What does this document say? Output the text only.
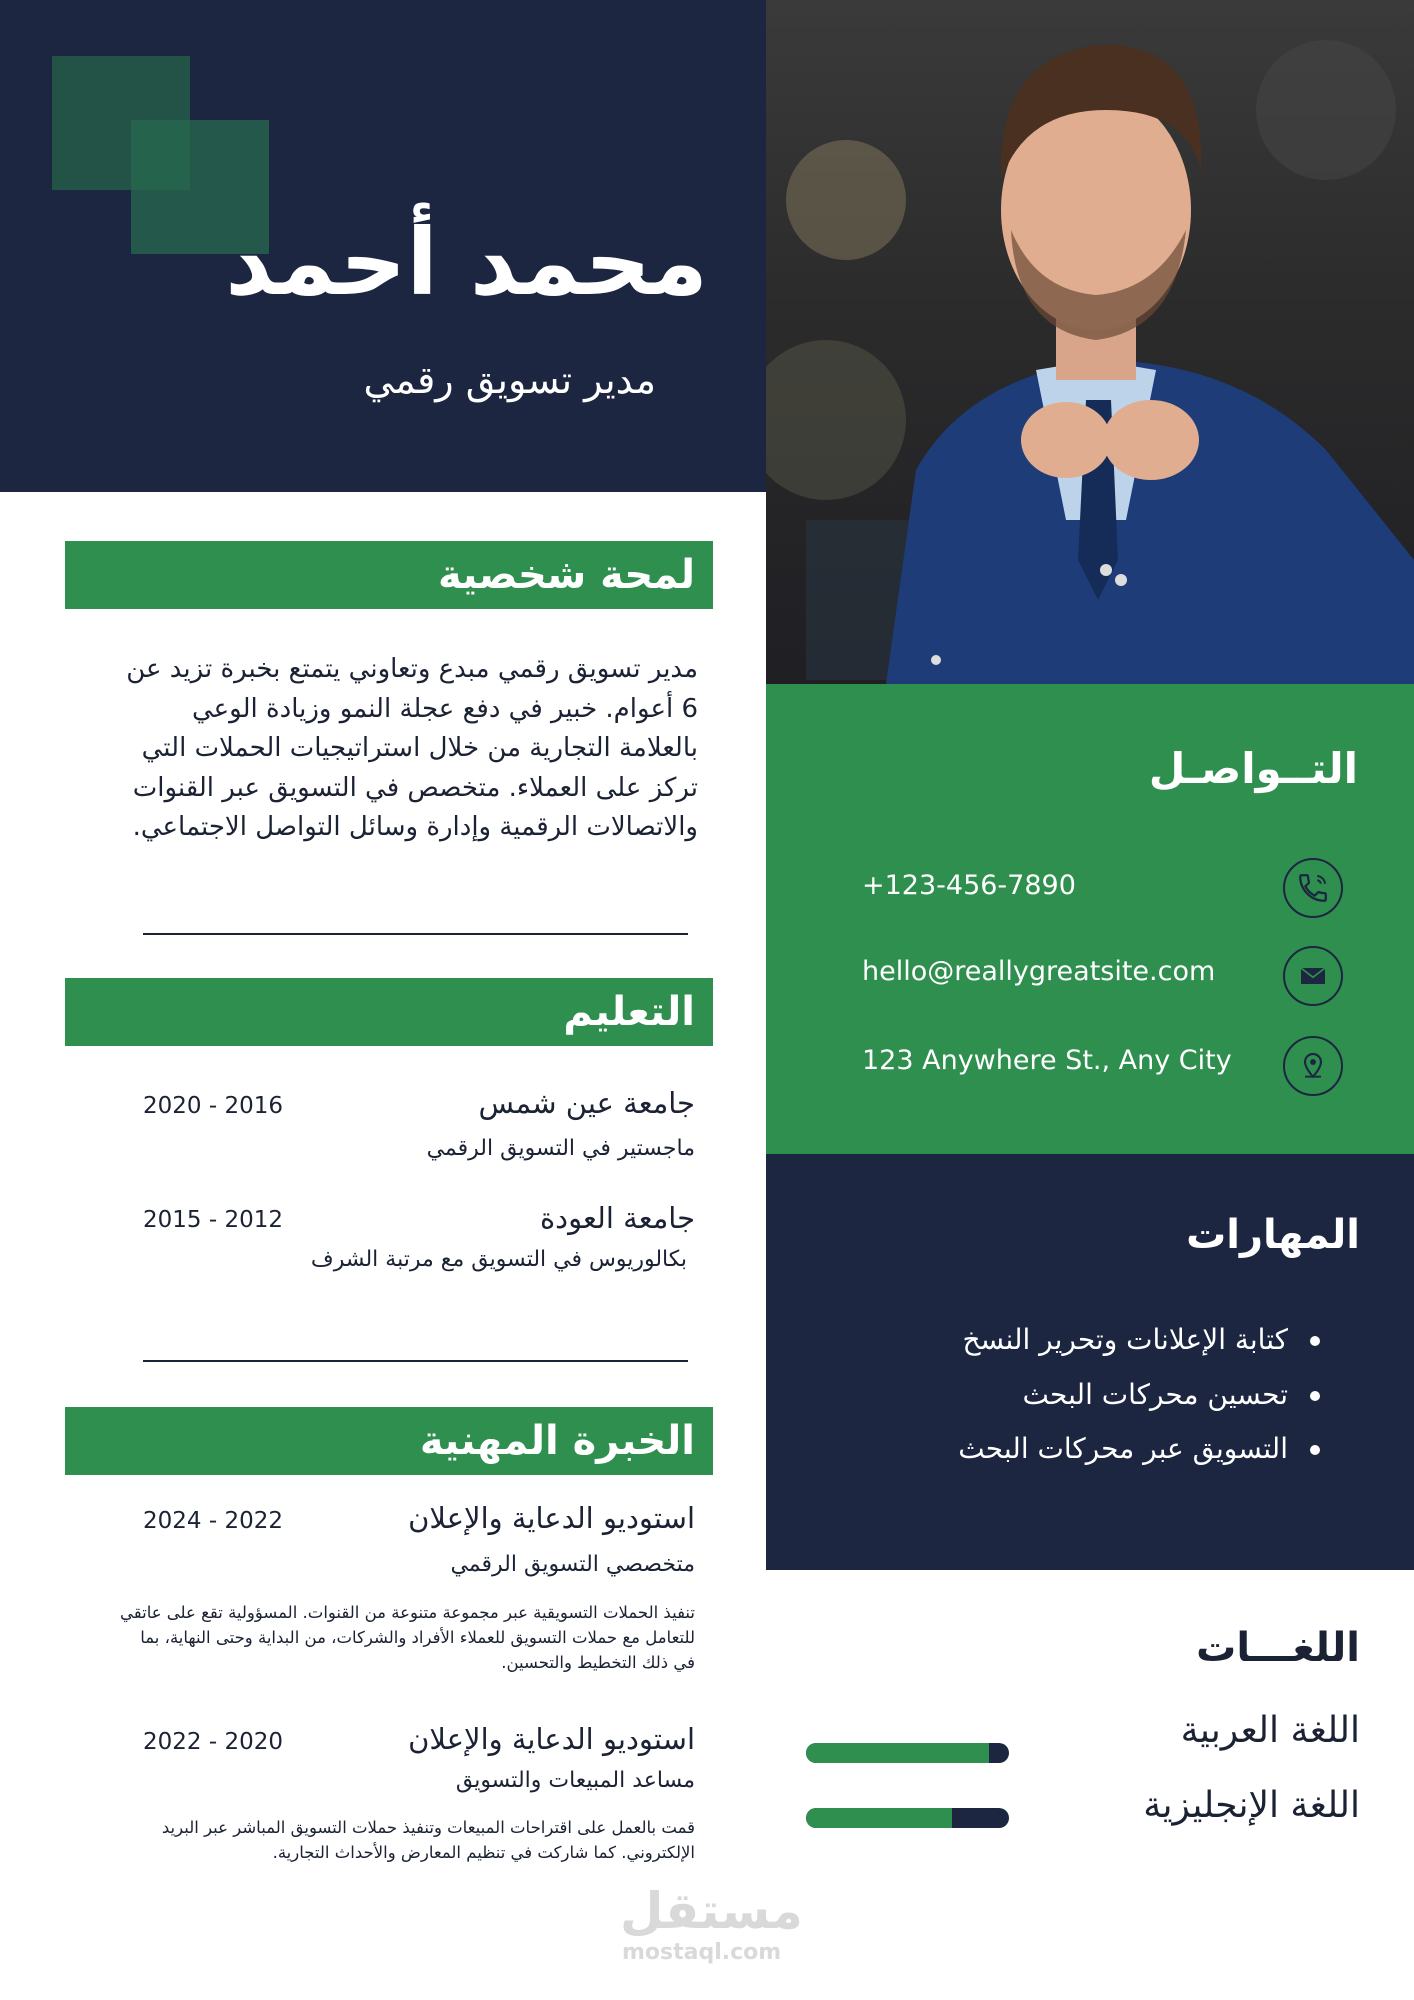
محمد أحمد
مدير تسويق رقمي
لمحة شخصية
مدير تسويق رقمي مبدع وتعاوني يتمتع بخبرة تزيد عن 6 أعوام. خبير في دفع عجلة النمو وزيادة الوعي بالعلامة التجارية من خلال استراتيجيات الحملات التي تركز على العملاء. متخصص في التسويق عبر القنوات والاتصالات الرقمية وإدارة وسائل التواصل الاجتماعي.
التعليم
جامعة عين شمس
2020 - 2016
ماجستير في التسويق الرقمي
جامعة العودة
2015 - 2012
بكالوريوس في التسويق مع مرتبة الشرف
الخبرة المهنية
استوديو الدعاية والإعلان
2024 - 2022
متخصصي التسويق الرقمي
تنفيذ الحملات التسويقية عبر مجموعة متنوعة من القنوات. المسؤولية تقع على عاتقي للتعامل مع حملات التسويق للعملاء الأفراد والشركات، من البداية وحتى النهاية، بما في ذلك التخطيط والتحسين.
استوديو الدعاية والإعلان
2022 - 2020
مساعد المبيعات والتسويق
قمت بالعمل على اقتراحات المبيعات وتنفيذ حملات التسويق المباشر عبر البريد الإلكتروني. كما شاركت في تنظيم المعارض والأحداث التجارية.
مستقل
mostaql.com
التــواصـل
+123-456-7890
hello@reallygreatsite.com
123 Anywhere St., Any City
المهارات
كتابة الإعلانات وتحرير النسخ
تحسين محركات البحث
التسويق عبر محركات البحث
اللغـــات
اللغة العربية
اللغة الإنجليزية
